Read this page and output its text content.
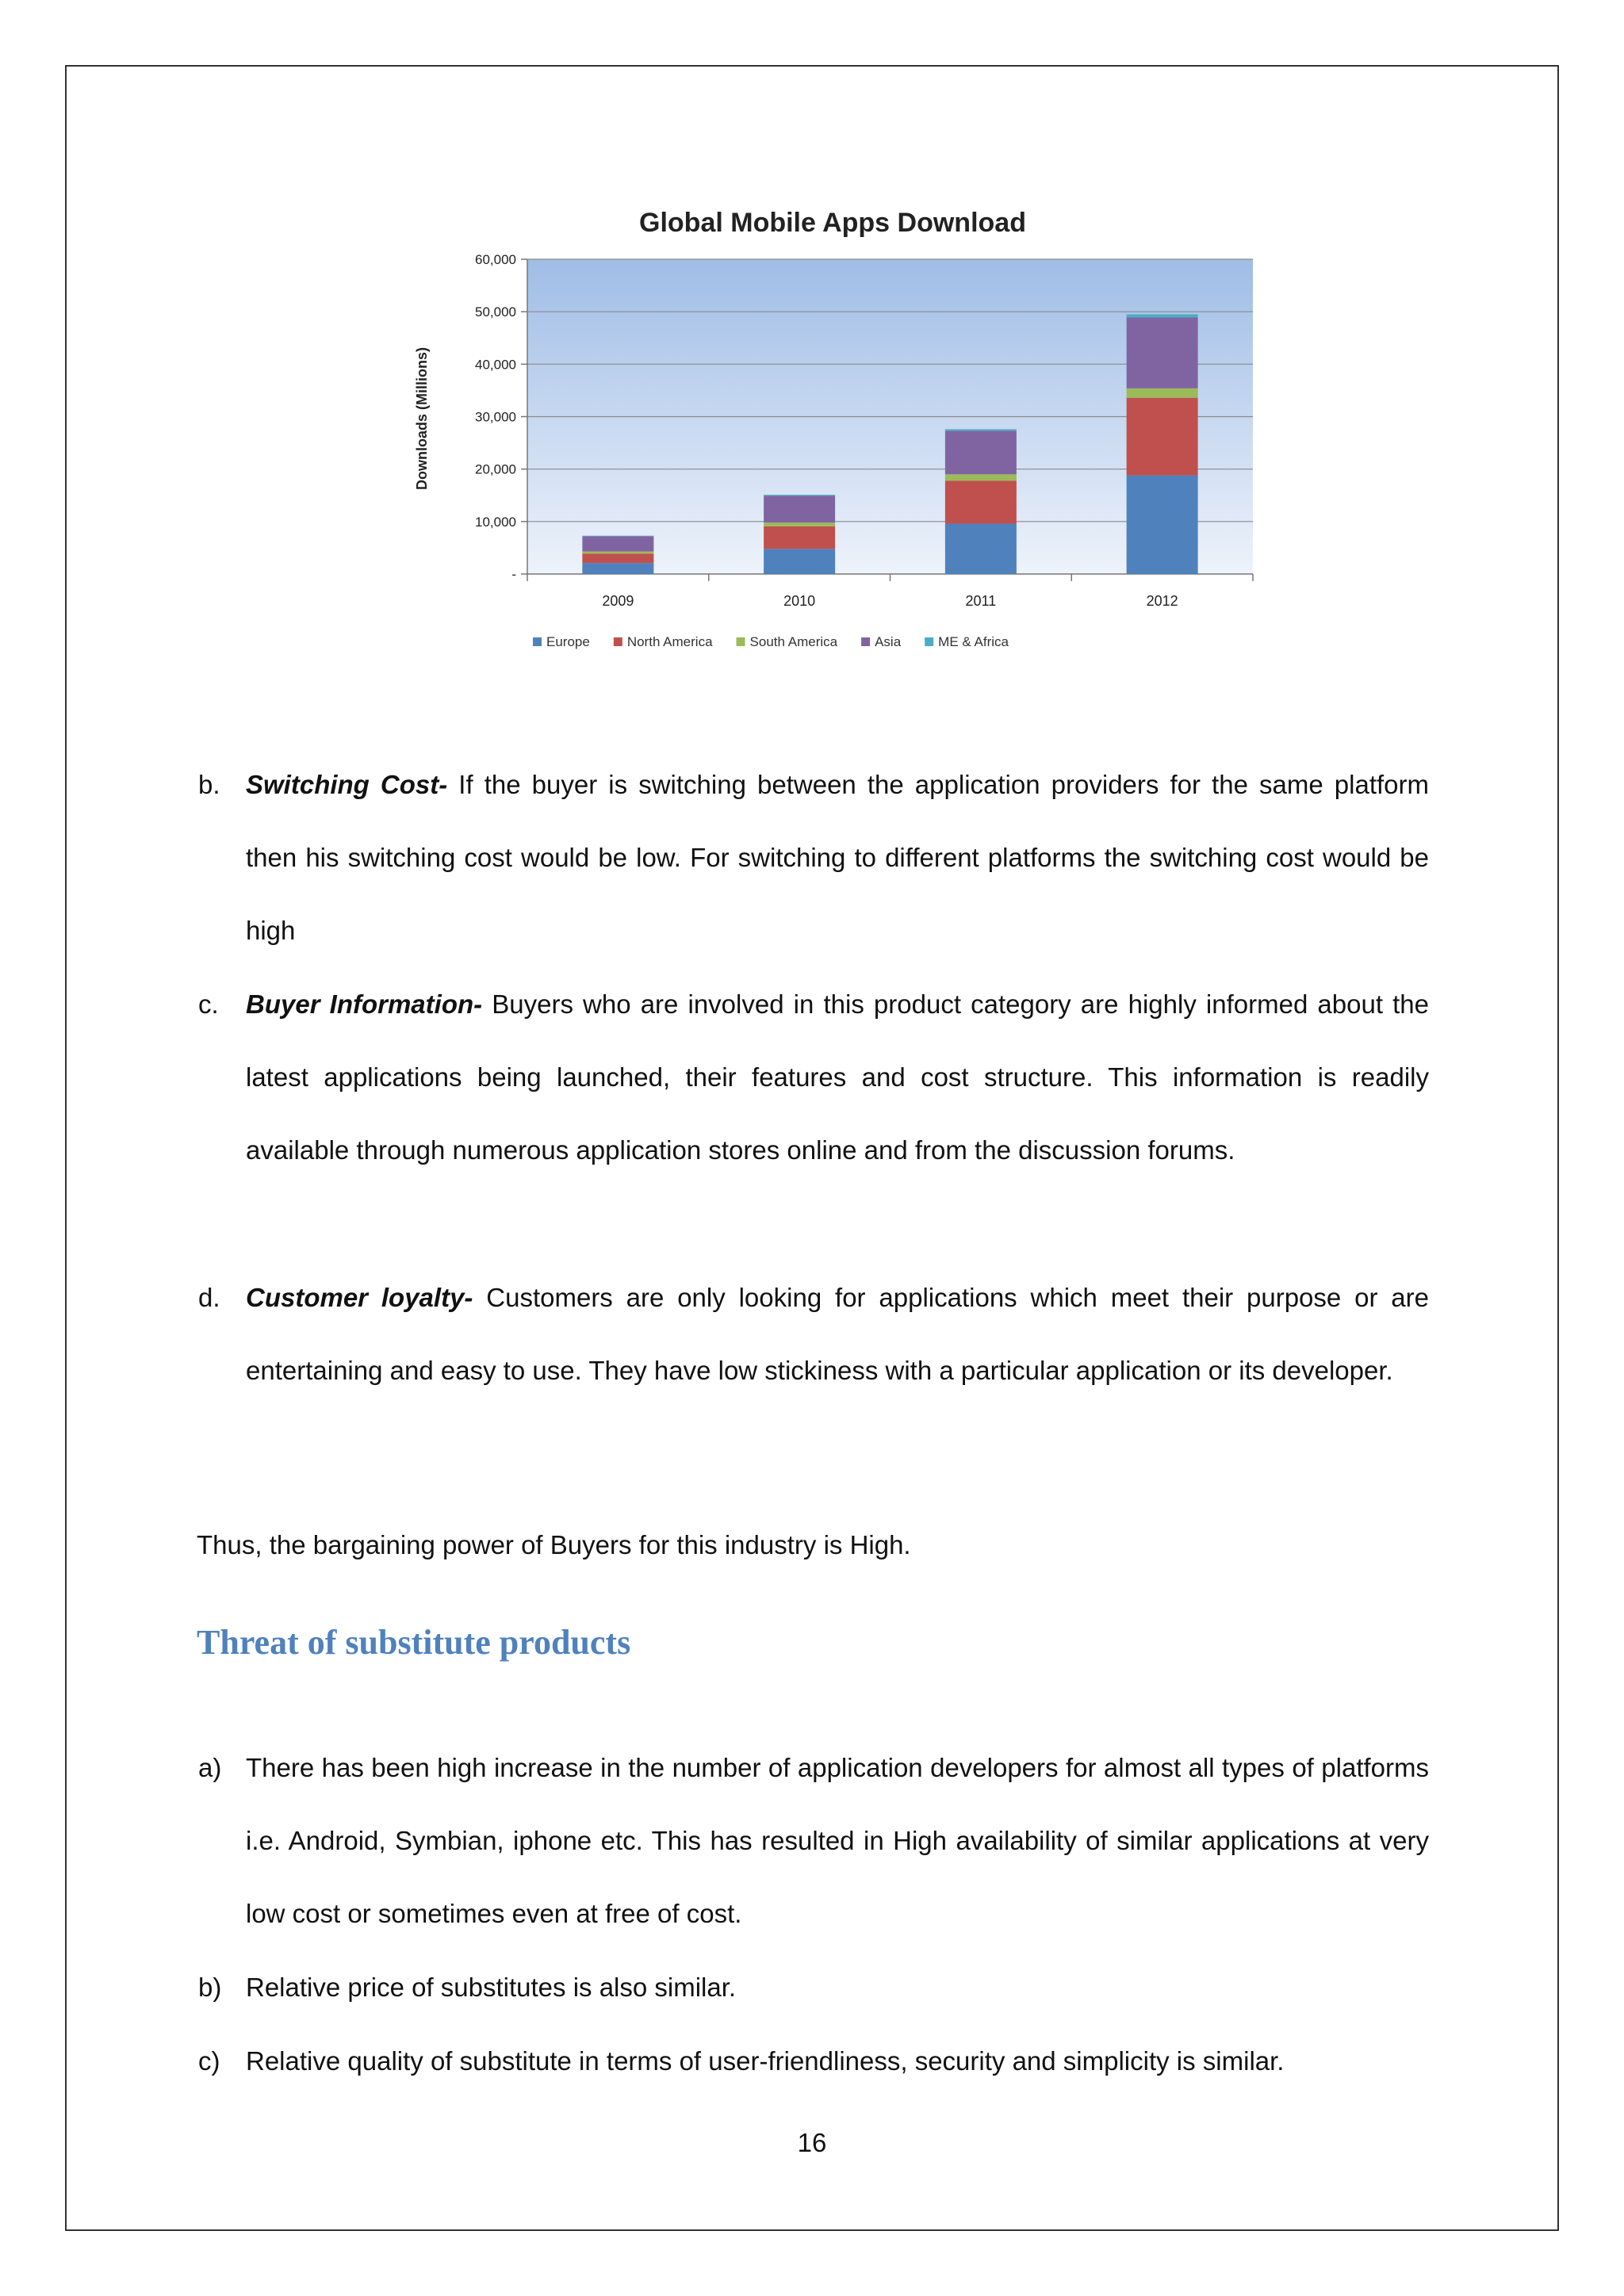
Global Mobile Apps Download
Downloads (Millions)
-
10,000
20,000
30,000
40,000
50,000
60,000
2009	2010	2011	2012
Europe	North America	South America	Asia	ME & Africa
b. Switching Cost- If the buyer is switching between the application providers for the same platform then his switching cost would be low. For switching to different platforms the switching cost would be high
c. Buyer Information- Buyers who are involved in this product category are highly informed about the latest applications being launched, their features and cost structure. This information is readily available through numerous application stores online and from the discussion forums.
d. Customer loyalty- Customers are only looking for applications which meet their purpose or are entertaining and easy to use. They have low stickiness with a particular application or its developer.
Thus, the bargaining power of Buyers for this industry is High.
Threat of substitute products
a) There has been high increase in the number of application developers for almost all types of platforms i.e. Android, Symbian, iphone etc. This has resulted in High availability of similar applications at very low cost or sometimes even at free of cost.
b) Relative price of substitutes is also similar.
c) Relative quality of substitute in terms of user-friendliness, security and simplicity is similar.
16
